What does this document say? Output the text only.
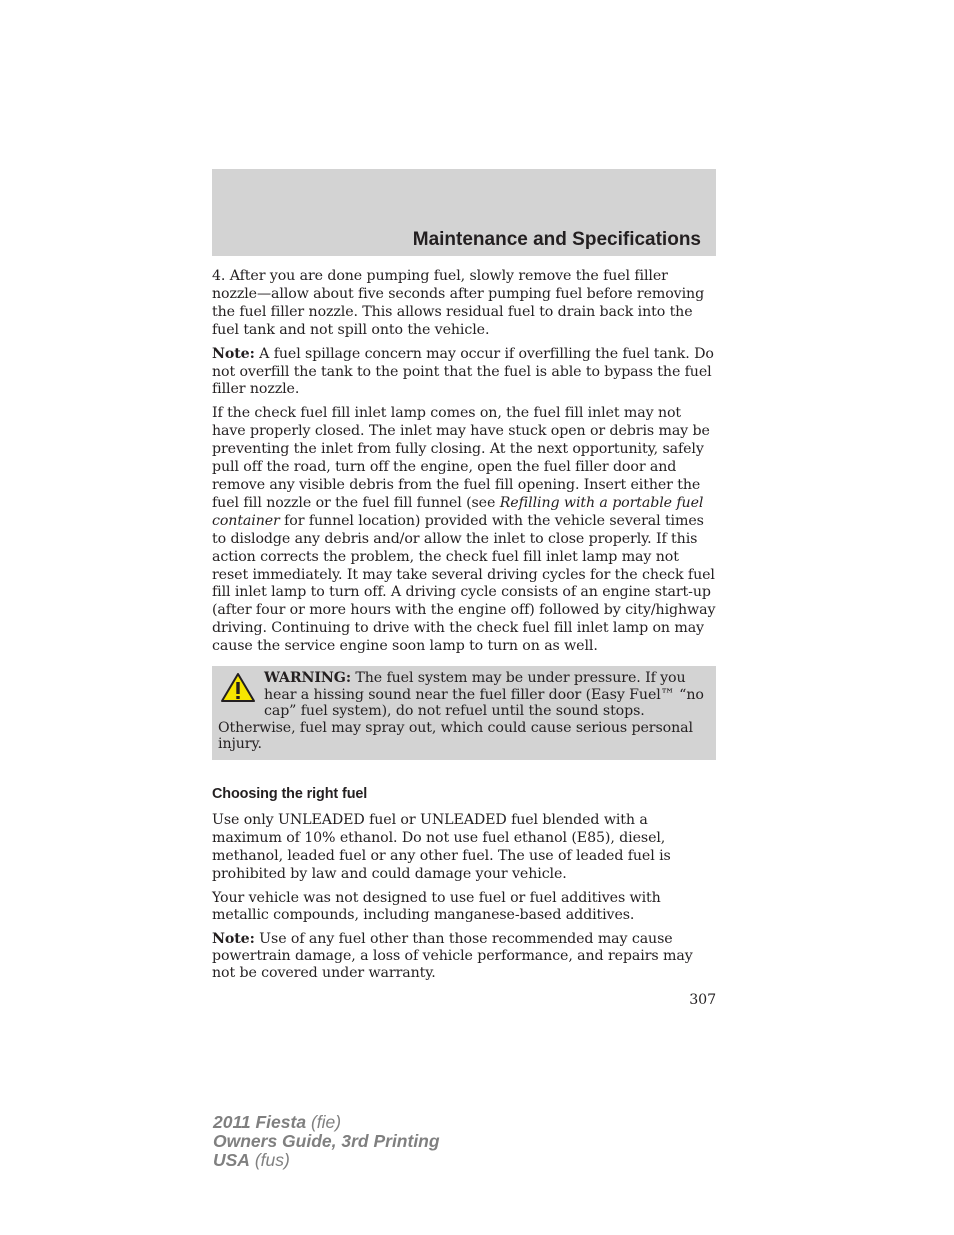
Maintenance and Specifications

4. After you are done pumping fuel, slowly remove the fuel filler nozzle—allow about five seconds after pumping fuel before removing the fuel filler nozzle. This allows residual fuel to drain back into the fuel tank and not spill onto the vehicle.

Note: A fuel spillage concern may occur if overfilling the fuel tank. Do not overfill the tank to the point that the fuel is able to bypass the fuel filler nozzle.

If the check fuel fill inlet lamp comes on, the fuel fill inlet may not have properly closed. The inlet may have stuck open or debris may be preventing the inlet from fully closing. At the next opportunity, safely pull off the road, turn off the engine, open the fuel filler door and remove any visible debris from the fuel fill opening. Insert either the fuel fill nozzle or the fuel fill funnel (see Refilling with a portable fuel container for funnel location) provided with the vehicle several times to dislodge any debris and/or allow the inlet to close properly. If this action corrects the problem, the check fuel fill inlet lamp may not reset immediately. It may take several driving cycles for the check fuel fill inlet lamp to turn off. A driving cycle consists of an engine start-up (after four or more hours with the engine off) followed by city/highway driving. Continuing to drive with the check fuel fill inlet lamp on may cause the service engine soon lamp to turn on as well.

WARNING: The fuel system may be under pressure. If you hear a hissing sound near the fuel filler door (Easy Fuel™ “no cap” fuel system), do not refuel until the sound stops. Otherwise, fuel may spray out, which could cause serious personal injury.
Choosing the right fuel

Use only UNLEADED fuel or UNLEADED fuel blended with a maximum of 10% ethanol. Do not use fuel ethanol (E85), diesel, methanol, leaded fuel or any other fuel. The use of leaded fuel is prohibited by law and could damage your vehicle.

Your vehicle was not designed to use fuel or fuel additives with metallic compounds, including manganese-based additives.

Note: Use of any fuel other than those recommended may cause powertrain damage, a loss of vehicle performance, and repairs may not be covered under warranty.

307
2011 Fiesta (fie)
Owners Guide, 3rd Printing
USA (fus)
